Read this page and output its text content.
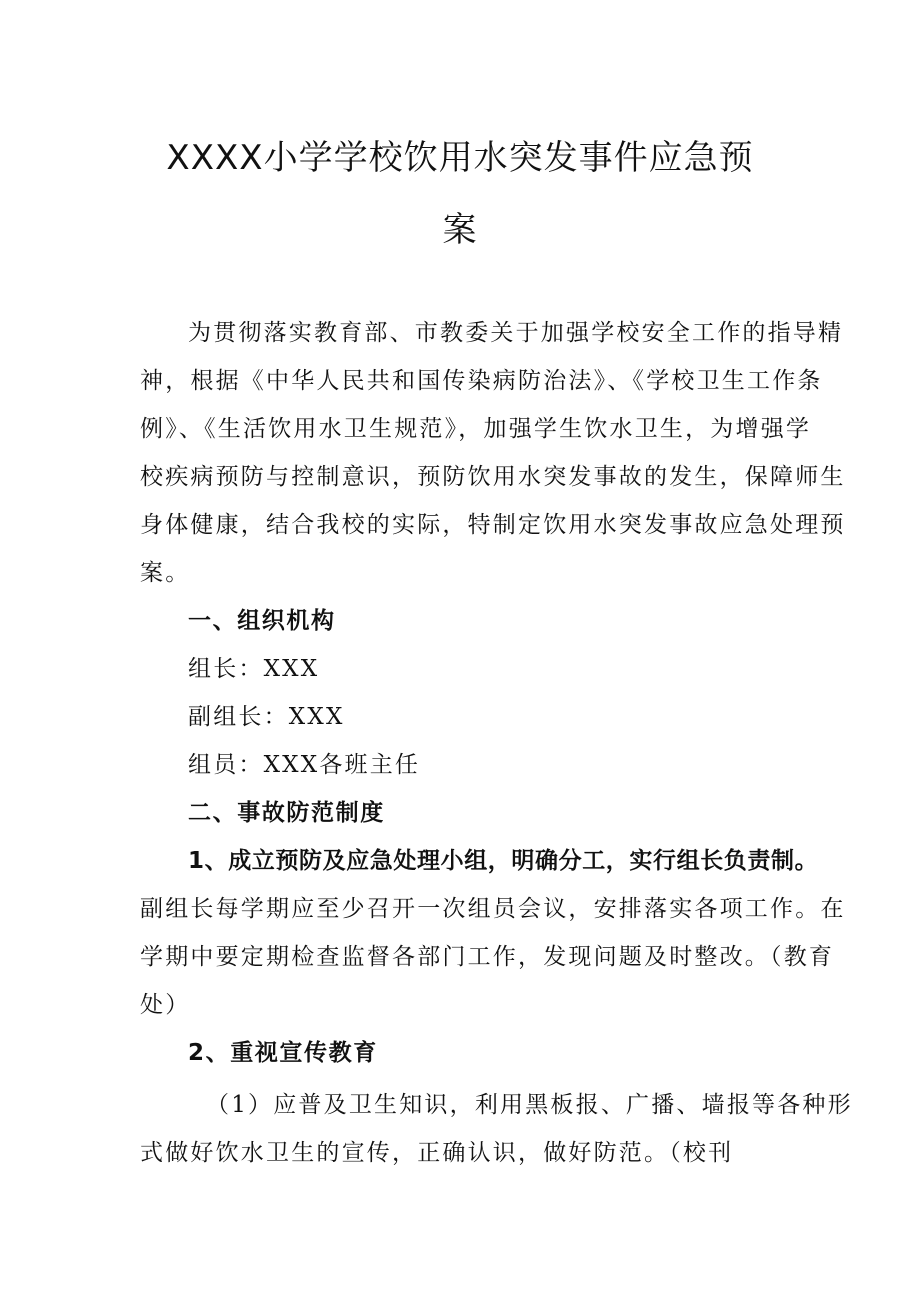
XXXX小学学校饮用水突发事件应急预
案
为贯彻落实教育部、市教委关于加强学校安全工作的指导精
神，根据《中华人民共和国传染病防治法》、《学校卫生工作条
例》、《生活饮用水卫生规范》，加强学生饮水卫生，为增强学
校疾病预防与控制意识，预防饮用水突发事故的发生，保障师生
身体健康，结合我校的实际，特制定饮用水突发事故应急处理预
案。
一、组织机构
组长：XXX
副组长：XXX
组员：XXX各班主任
二、事故防范制度
1、成立预防及应急处理小组，明确分工，实行组长负责制。
副组长每学期应至少召开一次组员会议，安排落实各项工作。在
学期中要定期检查监督各部门工作，发现问题及时整改。（教育
处）
2、重视宣传教育
（1）应普及卫生知识，利用黑板报、广播、墙报等各种形
式做好饮水卫生的宣传，正确认识，做好防范。（校刊
